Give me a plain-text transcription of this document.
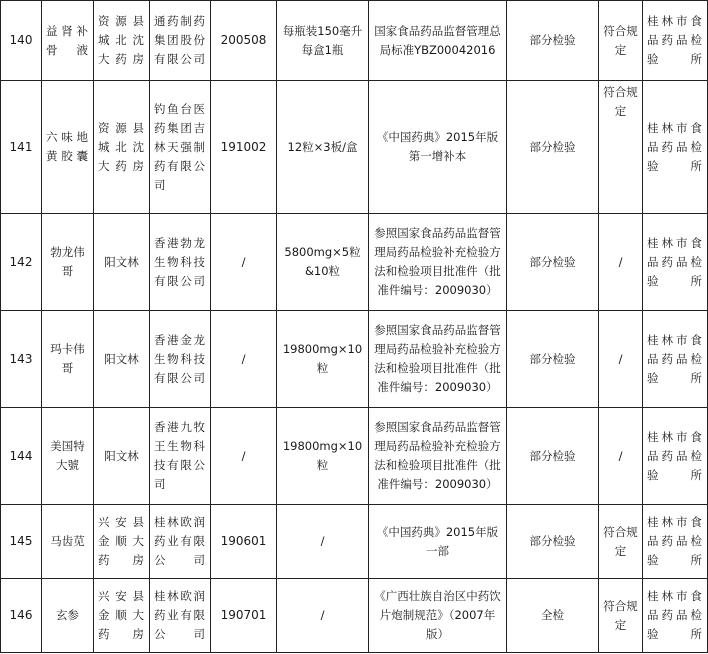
140	益肾补骨液	资源县城北沈大药房	通药制药集团股份有限公司	200508	每瓶装150毫升每盒1瓶	国家食品药品监督管理总局标准YBZ00042016	部分检验	符合规定	桂林市食品药品检验所
141	六味地黄胶囊	资源县城北沈大药房	钓鱼台医药集团吉林天强制药有限公司	191002	12粒×3板/盒	《中国药典》2015年版第一增补本	部分检验	符合规定	桂林市食品药品检验所
142	勃龙伟哥	阳文林	香港勃龙生物科技有限公司	/	5800mg×5粒&10粒	参照国家食品药品监督管理局药品检验补充检验方法和检验项目批准件（批准件编号：2009030）	部分检验	/	桂林市食品药品检验所
143	玛卡伟哥	阳文林	香港金龙生物科技有限公司	/	19800mg×10粒	参照国家食品药品监督管理局药品检验补充检验方法和检验项目批准件（批准件编号：2009030）	部分检验	/	桂林市食品药品检验所
144	美国特大號	阳文林	香港九牧王生物科技有限公司	/	19800mg×10粒	参照国家食品药品监督管理局药品检验补充检验方法和检验项目批准件（批准件编号：2009030）	部分检验	/	桂林市食品药品检验所
145	马齿苋	兴安县金顺大药房	桂林欧润药业有限公司	190601	/	《中国药典》2015年版一部	部分检验	符合规定	桂林市食品药品检验所
146	玄参	兴安县金顺大药房	桂林欧润药业有限公司	190701	/	《广西壮族自治区中药饮片炮制规范》（2007年版）	全检	符合规定	桂林市食品药品检验所
